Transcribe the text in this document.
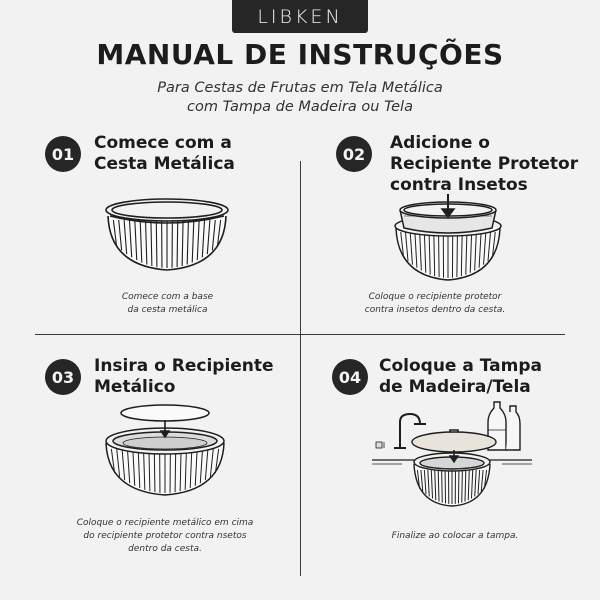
LIBKEN
MANUAL DE INSTRUÇÕES
Para Cestas de Frutas em Tela Metálica
com Tampa de Madeira ou Tela
01
Comece com a
Cesta Metálica
Comece com a base
da cesta metálica
02
Adicione o
Recipiente Protetor
contra Insetos
Coloque o recipiente protetor
contra insetos dentro da cesta.
03
Insira o Recipiente
Metálico
Coloque o recipiente metálico em cima
do recipiente protetor contra nsetos
dentro da cesta.
04
Coloque a Tampa
de Madeira/Tela
Finalize ao colocar a tampa.
